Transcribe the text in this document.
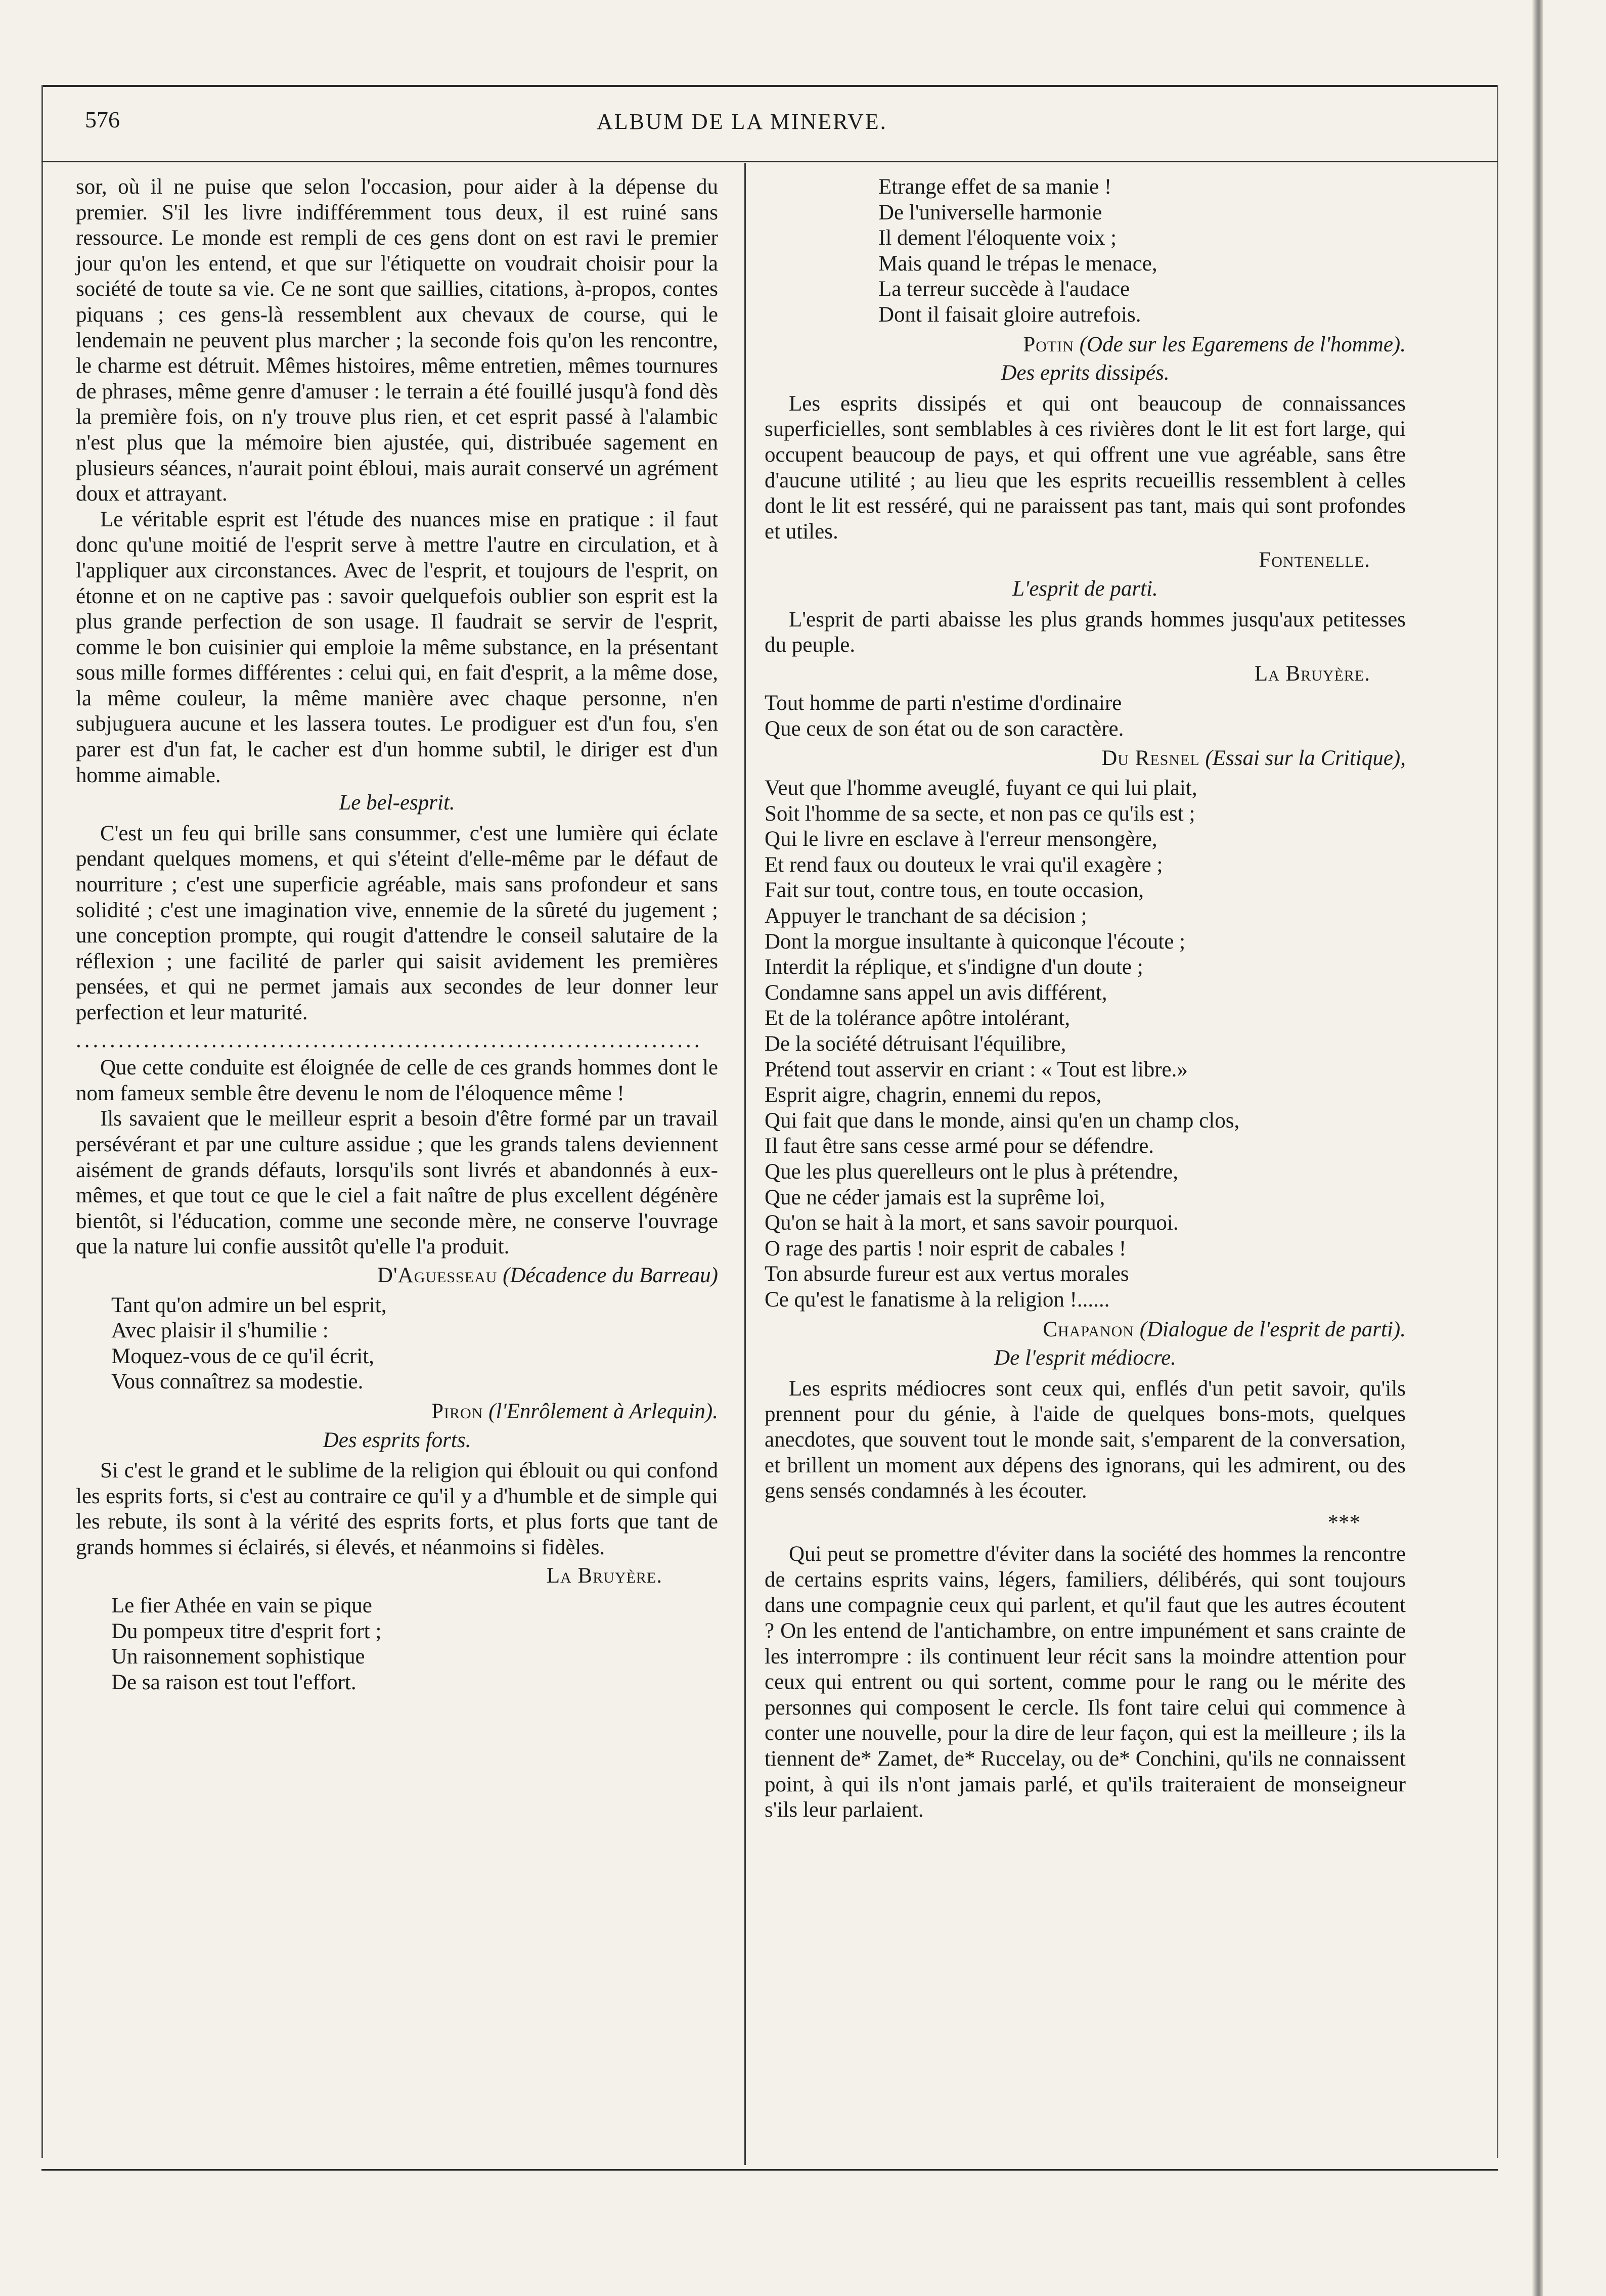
576	ALBUM DE LA MINERVE.

sor, où il ne puise que selon l'occasion, pour aider à la dépense du premier. S'il les livre indifféremment tous deux, il est ruiné sans ressource. Le monde est rempli de ces gens dont on est ravi le premier jour qu'on les entend, et que sur l'étiquette on voudrait choisir pour la société de toute sa vie. Ce ne sont que saillies, citations, à-propos, contes piquans ; ces gens-là ressemblent aux chevaux de course, qui le lendemain ne peuvent plus marcher ; la seconde fois qu'on les rencontre, le charme est détruit. Mêmes histoires, même entretien, mêmes tournures de phrases, même genre d'amuser : le terrain a été fouillé jusqu'à fond dès la première fois, on n'y trouve plus rien, et cet esprit passé à l'alambic n'est plus que la mémoire bien ajustée, qui, distribuée sagement en plusieurs séances, n'aurait point ébloui, mais aurait conservé un agrément doux et attrayant.

Le véritable esprit est l'étude des nuances mise en pratique : il faut donc qu'une moitié de l'esprit serve à mettre l'autre en circulation, et à l'appliquer aux circonstances. Avec de l'esprit, et toujours de l'esprit, on étonne et on ne captive pas : savoir quelquefois oublier son esprit est la plus grande perfection de son usage. Il faudrait se servir de l'esprit, comme le bon cuisinier qui emploie la même substance, en la présentant sous mille formes différentes : celui qui, en fait d'esprit, a la même dose, la même couleur, la même manière avec chaque personne, n'en subjuguera aucune et les lassera toutes. Le prodiguer est d'un fou, s'en parer est d'un fat, le cacher est d'un homme subtil, le diriger est d'un homme aimable.

Le bel-esprit.

C'est un feu qui brille sans consummer, c'est une lumière qui éclate pendant quelques momens, et qui s'éteint d'elle-même par le défaut de nourriture ; c'est une superficie agréable, mais sans profondeur et sans solidité ; c'est une imagination vive, ennemie de la sûreté du jugement ; une conception prompte, qui rougit d'attendre le conseil salutaire de la réflexion ; une facilité de parler qui saisit avidement les premières pensées, et qui ne permet jamais aux secondes de leur donner leur perfection et leur maturité.

..........................................................................

Que cette conduite est éloignée de celle de ces grands hommes dont le nom fameux semble être devenu le nom de l'éloquence même !

Ils savaient que le meilleur esprit a besoin d'être formé par un travail persévérant et par une culture assidue ; que les grands talens deviennent aisément de grands défauts, lorsqu'ils sont livrés et abandonnés à eux-mêmes, et que tout ce que le ciel a fait naître de plus excellent dégénère bientôt, si l'éducation, comme une seconde mère, ne conserve l'ouvrage que la nature lui confie aussitôt qu'elle l'a produit.

D'Aguesseau (Décadence du Barreau)
Tant qu'on admire un bel esprit,
Avec plaisir il s'humilie :
Moquez-vous de ce qu'il écrit,
Vous connaîtrez sa modestie.
Piron (l'Enrôlement à Arlequin).
Des esprits forts.

Si c'est le grand et le sublime de la religion qui éblouit ou qui confond les esprits forts, si c'est au contraire ce qu'il y a d'humble et de simple qui les rebute, ils sont à la vérité des esprits forts, et plus forts que tant de grands hommes si éclairés, si élevés, et néanmoins si fidèles.

La Bruyère.
Le fier Athée en vain se pique
Du pompeux titre d'esprit fort ;
Un raisonnement sophistique
De sa raison est tout l'effort.
Etrange effet de sa manie !
De l'universelle harmonie
Il dement l'éloquente voix ;
Mais quand le trépas le menace,
La terreur succède à l'audace
Dont il faisait gloire autrefois.
Potin (Ode sur les Egaremens de l'homme).
Des eprits dissipés.

Les esprits dissipés et qui ont beaucoup de connaissances superficielles, sont semblables à ces rivières dont le lit est fort large, qui occupent beaucoup de pays, et qui offrent une vue agréable, sans être d'aucune utilité ; au lieu que les esprits recueillis ressemblent à celles dont le lit est resséré, qui ne paraissent pas tant, mais qui sont profondes et utiles.

Fontenelle.
L'esprit de parti.

L'esprit de parti abaisse les plus grands hommes jusqu'aux petitesses du peuple.

La Bruyère.
Tout homme de parti n'estime d'ordinaire
Que ceux de son état ou de son caractère.
Du Resnel (Essai sur la Critique),
Veut que l'homme aveuglé, fuyant ce qui lui plait,
Soit l'homme de sa secte, et non pas ce qu'ils est ;
Qui le livre en esclave à l'erreur mensongère,
Et rend faux ou douteux le vrai qu'il exagère ;
Fait sur tout, contre tous, en toute occasion,
Appuyer le tranchant de sa décision ;
Dont la morgue insultante à quiconque l'écoute ;
Interdit la réplique, et s'indigne d'un doute ;
Condamne sans appel un avis différent,
Et de la tolérance apôtre intolérant,
De la société détruisant l'équilibre,
Prétend tout asservir en criant : « Tout est libre.»
Esprit aigre, chagrin, ennemi du repos,
Qui fait que dans le monde, ainsi qu'en un champ clos,
Il faut être sans cesse armé pour se défendre.
Que les plus querelleurs ont le plus à prétendre,
Que ne céder jamais est la suprême loi,
Qu'on se hait à la mort, et sans savoir pourquoi.
O rage des partis ! noir esprit de cabales !
Ton absurde fureur est aux vertus morales
Ce qu'est le fanatisme à la religion !......
Chapanon (Dialogue de l'esprit de parti).
De l'esprit médiocre.

Les esprits médiocres sont ceux qui, enflés d'un petit savoir, qu'ils prennent pour du génie, à l'aide de quelques bons-mots, quelques anecdotes, que souvent tout le monde sait, s'emparent de la conversation, et brillent un moment aux dépens des ignorans, qui les admirent, ou des gens sensés condamnés à les écouter.

***

Qui peut se promettre d'éviter dans la société des hommes la rencontre de certains esprits vains, légers, familiers, délibérés, qui sont toujours dans une compagnie ceux qui parlent, et qu'il faut que les autres écoutent ? On les entend de l'antichambre, on entre impunément et sans crainte de les interrompre : ils continuent leur récit sans la moindre attention pour ceux qui entrent ou qui sortent, comme pour le rang ou le mérite des personnes qui composent le cercle. Ils font taire celui qui commence à conter une nouvelle, pour la dire de leur façon, qui est la meilleure ; ils la tiennent de* Zamet, de* Ruccelay, ou de* Conchini, qu'ils ne connaissent point, à qui ils n'ont jamais parlé, et qu'ils traiteraient de monseigneur s'ils leur parlaient.
